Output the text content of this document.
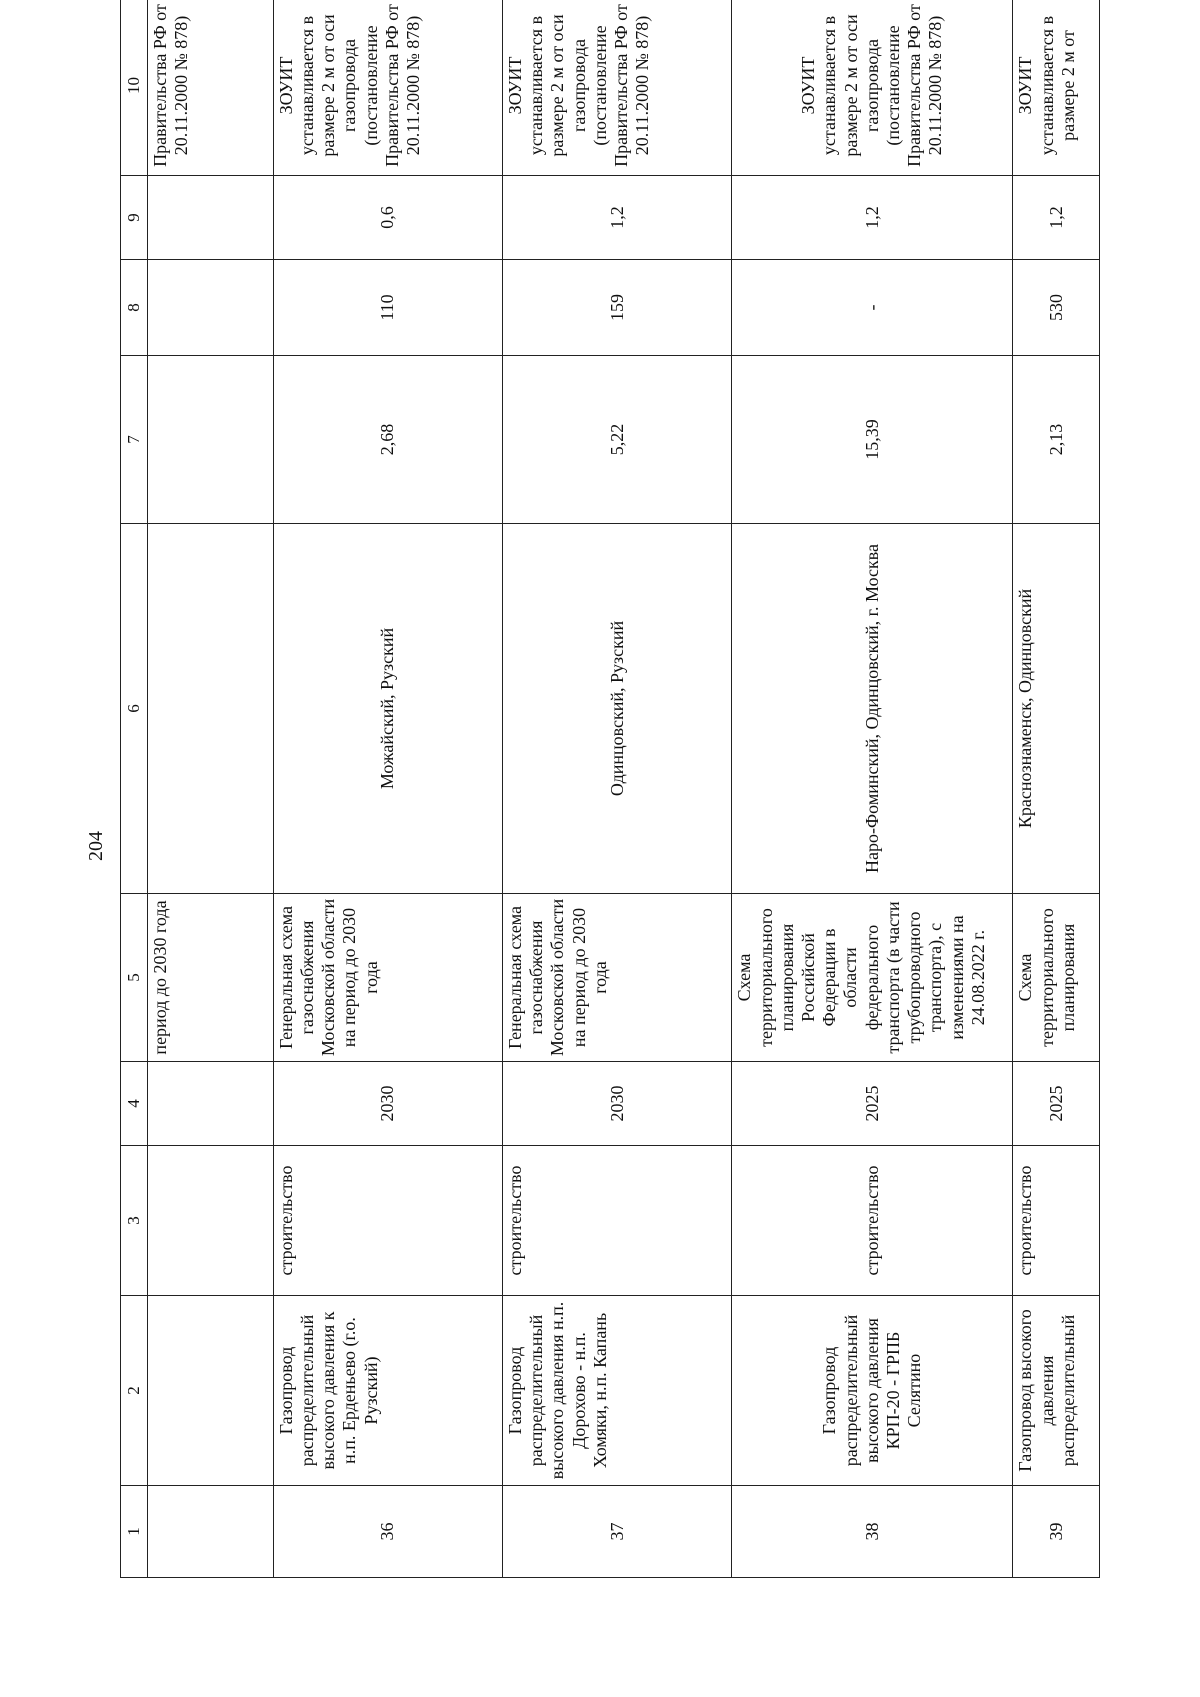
204
1	2	3	4	5	6	7	8	9	10
				период до 2030 года					Правительства РФ от 20.11.2000 № 878)
36	Газопровод распределительный высокого давления к н.п. Ерденьево (г.о. Рузский)	строительство	2030	Генеральная схема газоснабжения Московской области на период до 2030 года	Можайский, Рузский	2,68	110	0,6	ЗОУИТ устанавливается в размере 2 м от оси газопровода (постановление Правительства РФ от 20.11.2000 № 878)
37	Газопровод распределительный высокого давления н.п. Дорохово - н.п. Хомяки, н.п. Капань	строительство	2030	Генеральная схема газоснабжения Московской области на период до 2030 года	Одинцовский, Рузский	5,22	159	1,2	ЗОУИТ устанавливается в размере 2 м от оси газопровода (постановление Правительства РФ от 20.11.2000 № 878)
38	Газопровод распределительный высокого давления КРП-20 - ГРПБ Селятино	строительство	2025	Схема территориального планирования Российской Федерации в области федерального транспорта (в части трубопроводного транспорта), с изменениями на 24.08.2022 г.	Наро-Фоминский, Одинцовский, г. Москва	15,39	-	1,2	ЗОУИТ устанавливается в размере 2 м от оси газопровода (постановление Правительства РФ от 20.11.2000 № 878)
39	Газопровод высокого давления распределительный	строительство	2025	Схема территориального планирования	Краснознаменск, Одинцовский	2,13	530	1,2	ЗОУИТ устанавливается в размере 2 м от
